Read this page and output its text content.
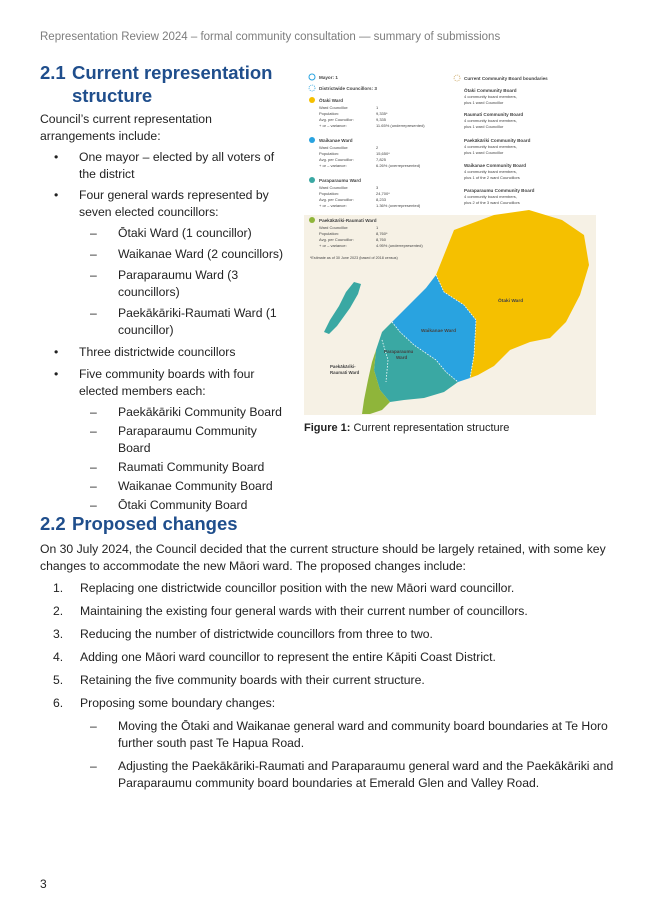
Representation Review 2024 – formal community consultation — summary of submissions
2.1 Current representation
structure
Council’s current representation arrangements include:
• One mayor – elected by all voters of the district
• Four general wards represented by seven elected councillors:
– Ōtaki Ward (1 councillor)
– Waikanae Ward (2 councillors)
– Paraparaumu Ward (3 councillors)
– Paekākāriki-Raumati Ward (1 councillor)
• Three districtwide councillors
• Five community boards with four elected members each:
– Paekākāriki Community Board
– Paraparaumu Community Board
– Raumati Community Board
– Waikanae Community Board
– Ōtaki Community Board
Mayor: 1
Districtwide Councillors: 3
Ōtaki Ward
Ward Councillor:
Population:
Avg. per Councillor:
+ or – variance:
1
9,335*
9,335
11.65% (underrepresented)
Waikanae Ward
Ward Councillor:
Population:
Avg. per Councillor:
+ or – variance:
2
15,650*
7,825
6.26% (overrepresented)
Paraparaumu Ward
Ward Councillor:
Population:
Avg. per Councillor:
+ or – variance:
3
24,700*
8,233
1.36% (overrepresented)
Paekākāriki-Raumati Ward
Ward Councillor:
Population:
Avg. per Councillor:
+ or – variance:
1
8,760*
8,760
4.95% (underrepresented)
*Estimate as of 30 June 2023 (based of 2018 census)
Current Community Board boundaries
Ōtaki Community Board
4 community board members,
plus 1 ward Councillor
Raumati Community Board
4 community board members,
plus 1 ward Councillor
Paekākāriki Community Board
4 community board members,
plus 1 ward Councillor
Waikanae Community Board
4 community board members,
plus 1 of the 2 ward Councillors
Paraparaumu Community Board
4 community board members,
plus 2 of the 3 ward Councillors
Ōtaki Ward
Waikanae Ward
Paraparaumu
Ward
Paekākāriki-
Raumati Ward
Figure 1: Current representation structure
2.2 Proposed changes
On 30 July 2024, the Council decided that the current structure should be largely retained, with some key changes to accommodate the new Māori ward. The proposed changes include:
1. Replacing one districtwide councillor position with the new Māori ward councillor.
2. Maintaining the existing four general wards with their current number of councillors.
3. Reducing the number of districtwide councillors from three to two.
4. Adding one Māori ward councillor to represent the entire Kāpiti Coast District.
5. Retaining the five community boards with their current structure.
6. Proposing some boundary changes:
– Moving the Ōtaki and Waikanae general ward and community board boundaries at Te Horo further south past Te Hapua Road.
– Adjusting the Paekākāriki-Raumati and Paraparaumu general ward and the Paekākāriki and Paraparaumu community board boundaries at Emerald Glen and Valley Road.
3
